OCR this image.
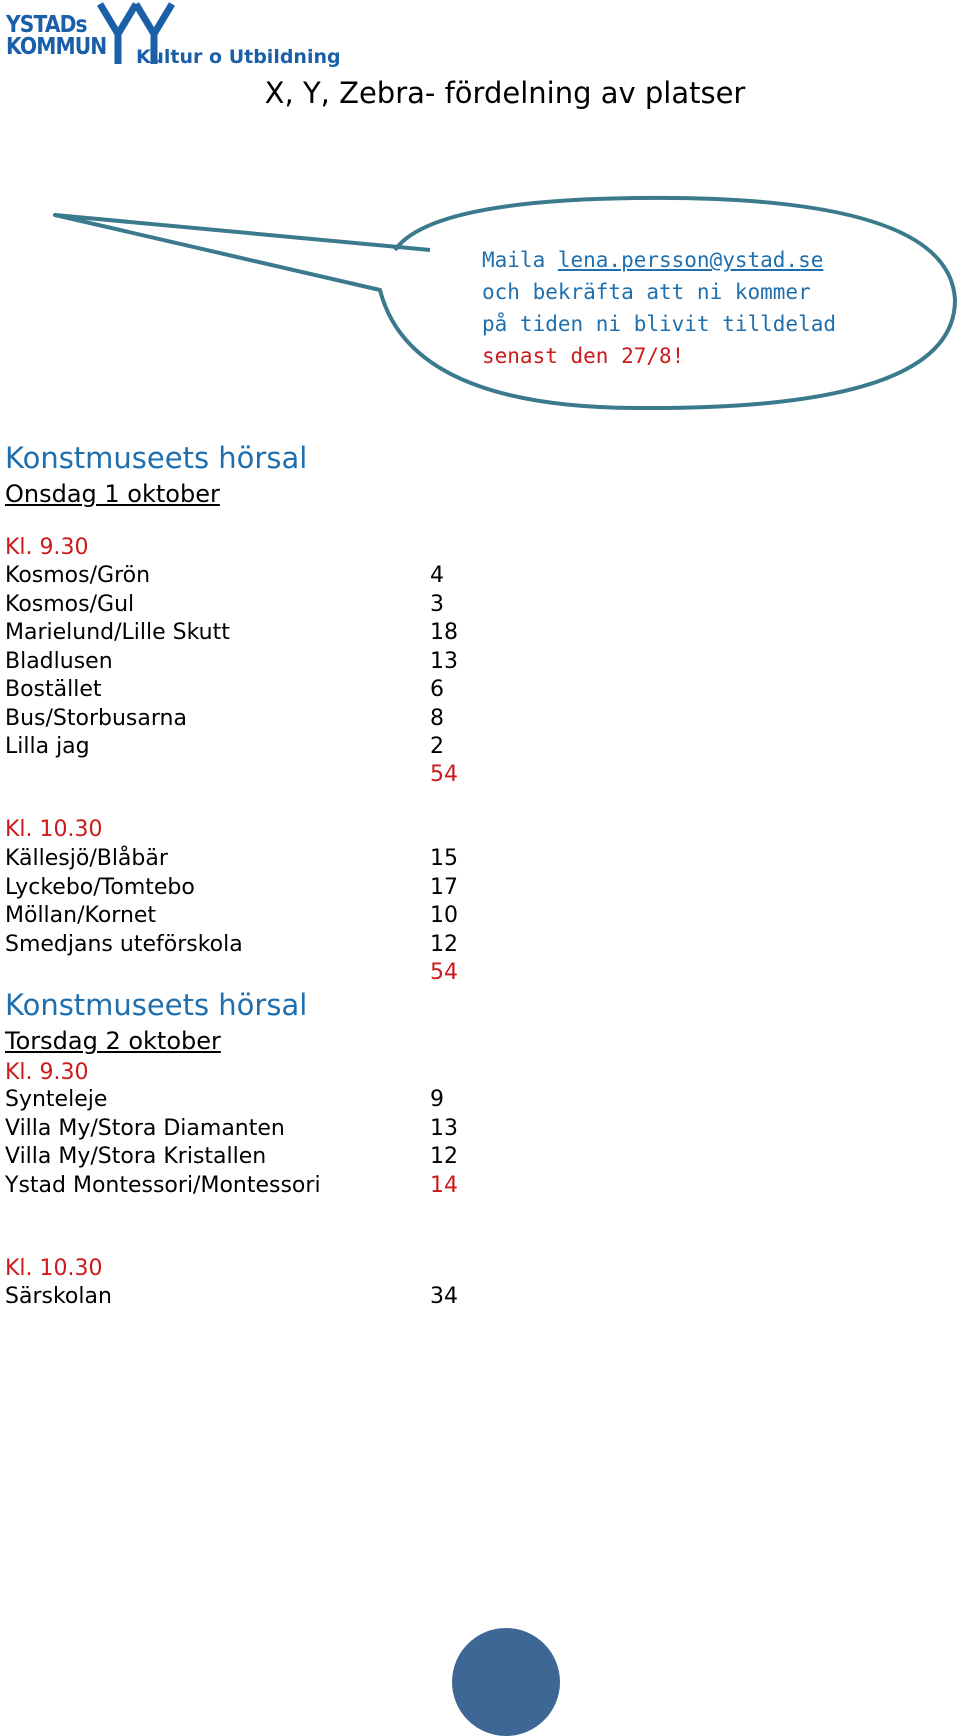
YSTADs
KOMMUN Kultur o Utbildning
X, Y, Zebra- fördelning av platser
Maila lena.persson@ystad.se
och bekräfta att ni kommer
på tiden ni blivit tilldelad
senast den 27/8!
Konstmuseets hörsal
Onsdag 1 oktober
Kl. 9.30
Kosmos/Grön	4
Kosmos/Gul	3
Marielund/Lille Skutt	18
Bladlusen	13
Bostället	6
Bus/Storbusarna	8
Lilla jag	2
54
Kl. 10.30
Källesjö/Blåbär	15
Lyckebo/Tomtebo	17
Möllan/Kornet	10
Smedjans uteförskola	12
54
Konstmuseets hörsal
Torsdag 2 oktober
Kl. 9.30
Synteleje	9
Villa My/Stora Diamanten	13
Villa My/Stora Kristallen	12
Ystad Montessori/Montessori	14
Kl. 10.30
Särskolan	34
